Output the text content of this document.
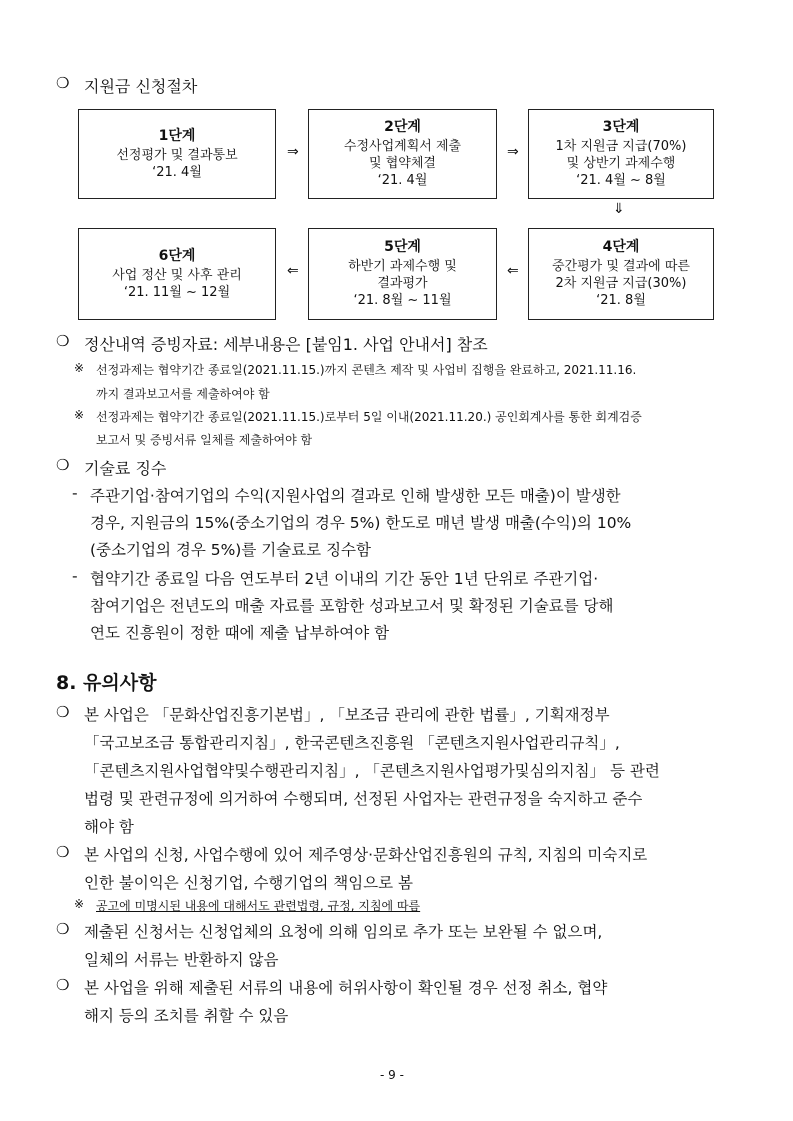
❍ 지원금 신청절차
1단계
선정평가 및 결과통보
‘21. 4월
⇒
2단계
수정사업계획서 제출
및 협약체결
‘21. 4월
⇒
3단계
1차 지원금 지급(70%)
및 상반기 과제수행
‘21. 4월 ~ 8월
⇓
6단계
사업 정산 및 사후 관리
‘21. 11월 ~ 12월
⇐
5단계
하반기 과제수행 및
결과평가
‘21. 8월 ~ 11월
⇐
4단계
중간평가 및 결과에 따른
2차 지원금 지급(30%)
‘21. 8월
❍ 정산내역 증빙자료: 세부내용은 [붙임1. 사업 안내서] 참조
※ 선정과제는 협약기간 종료일(2021.11.15.)까지 콘텐츠 제작 및 사업비 집행을 완료하고, 2021.11.16.
까지 결과보고서를 제출하여야 함
※ 선정과제는 협약기간 종료일(2021.11.15.)로부터 5일 이내(2021.11.20.) 공인회계사를 통한 회계검증
보고서 및 증빙서류 일체를 제출하여야 함
❍ 기술료 징수
- 주관기업·참여기업의 수익(지원사업의 결과로 인해 발생한 모든 매출)이 발생한
경우, 지원금의 15%(중소기업의 경우 5%) 한도로 매년 발생 매출(수익)의 10%
(중소기업의 경우 5%)를 기술료로 징수함
- 협약기간 종료일 다음 연도부터 2년 이내의 기간 동안 1년 단위로 주관기업·
참여기업은 전년도의 매출 자료를 포함한 성과보고서 및 확정된 기술료를 당해
연도 진흥원이 정한 때에 제출 납부하여야 함
8. 유의사항
❍ 본 사업은 「문화산업진흥기본법」, 「보조금 관리에 관한 법률」, 기획재정부
「국고보조금 통합관리지침」, 한국콘텐츠진흥원 「콘텐츠지원사업관리규칙」,
「콘텐츠지원사업협약및수행관리지침」, 「콘텐츠지원사업평가및심의지침」 등 관련
법령 및 관련규정에 의거하여 수행되며, 선정된 사업자는 관련규정을 숙지하고 준수
해야 함
❍ 본 사업의 신청, 사업수행에 있어 제주영상·문화산업진흥원의 규칙, 지침의 미숙지로
인한 불이익은 신청기업, 수행기업의 책임으로 봄
※ 공고에 미명시된 내용에 대해서도 관련법령, 규정, 지침에 따름
❍ 제출된 신청서는 신청업체의 요청에 의해 임의로 추가 또는 보완될 수 없으며,
일체의 서류는 반환하지 않음
❍ 본 사업을 위해 제출된 서류의 내용에 허위사항이 확인될 경우 선정 취소, 협약
해지 등의 조치를 취할 수 있음
- 9 -
